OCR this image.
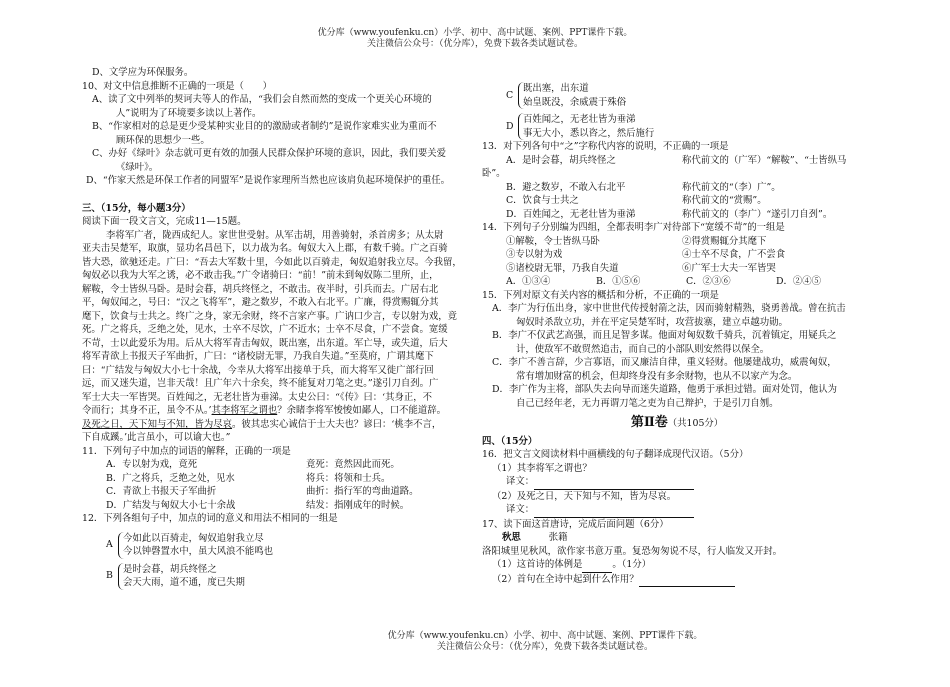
优分库（www.youfenku.cn）小学、初中、高中试题、案例、PPT课件下载。
关注微信公众号：（优分库），免费下载各类试题试卷。
D、文学应为环保服务。
10、对文中信息推断不正确的一项是（　　）
A、读了文中列举的契诃夫等人的作品，“我们会自然而然的变成一个更关心环境的
人”说明为了环境要多读以上著作。
B、“作家相对的总是更少受某种实业目的的激励或者制约”是说作家难实业为重而不
顾环保的思想少一些。
C、办好《绿叶》杂志就可更有效的加强人民群众保护环境的意识，因此，我们要关爱
《绿叶》。
D、“作家天然是环保工作者的同盟军”是说作家理所当然也应该肩负起环境保护的重任。
三、（15分，每小题3分）
阅读下面一段文言文，完成11—15题。
李将军广者，陇西成纪人。家世世受射。从军击胡，用善骑射，杀首虏多；从太尉
亚夫击吴楚军，取旗，显功名昌邑下，以力战为名。匈奴大入上郡，有数千骑。广之百骑
皆大恐，欲驰还走。广曰：“吾去大军数十里，今如此以百骑走，匈奴追射我立尽。今我留，
匈奴必以我为大军之诱，必不敢击我。”广令诸骑曰：“前！”前未到匈奴陈二里所，止，
解鞍，令士皆纵马卧。是时会暮，胡兵终怪之，不敢击。夜半时，引兵而去。广居右北
平，匈奴闻之，号曰：“汉之飞将军”，避之数岁，不敢入右北平。广廉，得赏赐辄分其
麾下，饮食与士共之。终广之身，家无余财，终不言家产事。广讷口少言，专以射为戏，竟
死。广之将兵，乏绝之处，见水，士卒不尽饮，广不近水；士卒不尽食，广不尝食。宽缓
不苛，士以此爱乐为用。后从大将军青击匈奴，既出塞，出东道。军亡导，或失道，后大
将军青欲上书报天子军曲折，广曰：“诸校尉无罪，乃我自失道。”至莫府，广谓其麾下
曰：“广结发与匈奴大小七十余战，今幸从大将军出接单于兵，而大将军又徙广部行回
远，而又迷失道，岂非天哉！且广年六十余矣，终不能复对刀笔之吏。”遂引刀自刭。广
军士大夫一军皆哭。百姓闻之，无老壮皆为垂涕。太史公曰：“《传》曰：‘其身正，不
令而行；其身不正，虽令不从。’其李将军之谓也？余睹李将军悛悛如鄙人，口不能道辞。
及死之日，天下知与不知，皆为尽哀。彼其忠实心诚信于士大夫也？谚曰：‘桃李不言，
下自成蹊。’此言虽小，可以谕大也。”
11．下列句子中加点的词语的解释，正确的一项是
A．专以射为戏，竟死	竟死：竟然因此而死。
B．广之将兵，乏绝之处，见水	将兵：将领和士兵。
C．青欲上书报天子军曲折	曲折：指行军的弯曲道路。
D．广结发与匈奴大小七十余战	结发：指刚成年的时候。
12．下列各组句子中，加点的词的意义和用法不相同的一组是
A
今如此以百骑走，匈奴追射我立尽
今以钟磬置水中，虽大风浪不能鸣也
B
是时会暮，胡兵终怪之
会天大雨，道不通，度已失期
C
既出塞，出东道
始皇既没，余威震于殊俗
D
百姓闻之，无老壮皆为垂涕
事无大小，悉以咨之，然后施行
13．对下列各句中“之”字称代内容的说明，不正确的一项是
A．是时会暮，胡兵终怪之	称代前文的（广军）“解鞍”、“士皆纵马
卧”。
B．避之数岁，不敢入右北平	称代前文的“（李）广”。
C．饮食与士共之	称代前文的“赏赐”。
D．百姓闻之，无老壮皆为垂涕	称代前文的（李广）“遂引刀自刭”。
14．下列句子分别编为四组，全都表明李广对待部下“宽缓不苛”的一组是
①解鞍，令士皆纵马卧	②得赏赐辄分其麾下
③专以射为戏	④士卒不尽食，广不尝食
⑤诸校尉无罪，乃我自失道	⑥广军士大夫一军皆哭
A．①③④	B．①⑤⑥	C．②③⑥	D．②④⑤
15．下列对原文有关内容的概括和分析，不正确的一项是
A．李广为行伍出身，家中世世代传授射箭之法，因而骑射精熟，骁勇善战。曾在抗击
匈奴时杀敌立功，并在平定吴楚军时，攻营拔寨，建立卓越功勋。
B．李广不仅武艺高强，而且足智多谋。他面对匈奴数千骑兵，沉着镇定，用疑兵之
计，使敌军不敢贸然追击，而自己的小部队则安然得以保全。
C．李广不善言辞，少言寡语，而又廉洁自律，重义轻财。他屡建战功，威震匈奴，
常有增加财富的机会，但却终身没有多余财物，也从不以家产为念。
D．李广作为主将，部队失去向导而迷失道路，他勇于承担过错。面对处罚，他认为
自己已经年老，无力再谓刀笔之吏为自己辩护，于是引刀自刎。
第Ⅱ卷（共105分）
四、（15分）
16．把文言文阅读材料中画横线的句子翻译成现代汉语。（5分）
（1）其李将军之谓也？
译文：
（2）及死之日，天下知与不知，皆为尽哀。
译文：
17、读下面这首唐诗，完成后面问题（6分）
秋思	张籍
洛阳城里见秋风，欲作家书意万重。复恐匆匆说不尽，行人临发又开封。
（1）这首诗的体例是	。（1分）
（2）首句在全诗中起到什么作用？
优分库（www.youfenku.cn）小学、初中、高中试题、案例、PPT课件下载。
关注微信公众号：（优分库），免费下载各类试题试卷。
